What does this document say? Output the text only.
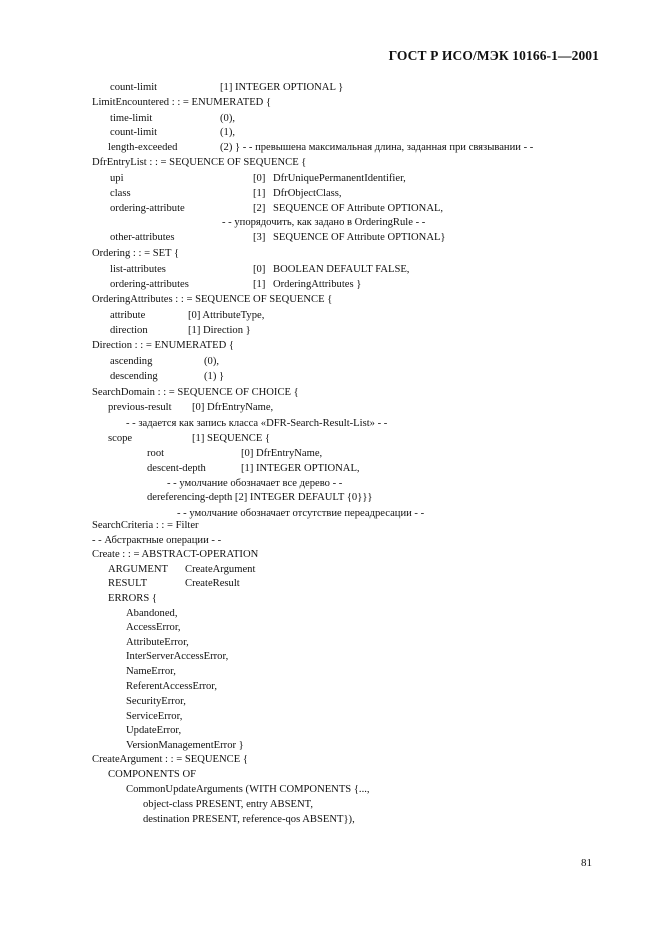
ГОСТ Р ИСО/МЭК 10166-1—2001
count-limit	[1] INTEGER OPTIONAL }
LimitEncountered : : = ENUMERATED {
time-limit	(0),
count-limit	(1),
length-exceeded	(2) } - - превышена максимальная длина, заданная при связывании - -
DfrEntryList : : = SEQUENCE OF SEQUENCE {
upi	[0] DfrUniquePermanentIdentifier,
class	[1] DfrObjectClass,
ordering-attribute	[2] SEQUENCE OF Attribute OPTIONAL,
- - упорядочить, как задано в OrderingRule - -
other-attributes	[3] SEQUENCE OF Attribute OPTIONAL}
Ordering : : = SET {
list-attributes	[0] BOOLEAN DEFAULT FALSE,
ordering-attributes	[1] OrderingAttributes }
OrderingAttributes : : = SEQUENCE OF SEQUENCE {
attribute	[0] AttributeType,
direction	[1] Direction }
Direction : : = ENUMERATED {
ascending	(0),
descending	(1) }
SearchDomain : : = SEQUENCE OF CHOICE {
previous-result [0] DfrEntryName,
- - задается как запись класса «DFR-Search-Result-List» - -
scope	[1] SEQUENCE {
root	[0] DfrEntryName,
descent-depth	[1] INTEGER OPTIONAL,
- - умолчание обозначает все дерево - -
dereferencing-depth [2] INTEGER DEFAULT {0}}}
- - умолчание обозначает отсутствие переадресации - -
SearchCriteria : : = Filter
- - Абстрактные операции - -
Create : : = ABSTRACT-OPERATION
ARGUMENT CreateArgument
RESULT	CreateResult
ERRORS {
Abandoned,
AccessError,
AttributeError,
InterServerAccessError,
NameError,
ReferentAccessError,
SecurityError,
ServiceError,
UpdateError,
VersionManagementError }
CreateArgument : : = SEQUENCE {
COMPONENTS OF
CommonUpdateArguments (WITH COMPONENTS {...,
object-class PRESENT, entry ABSENT,
destination PRESENT, reference-qos ABSENT}),
81
